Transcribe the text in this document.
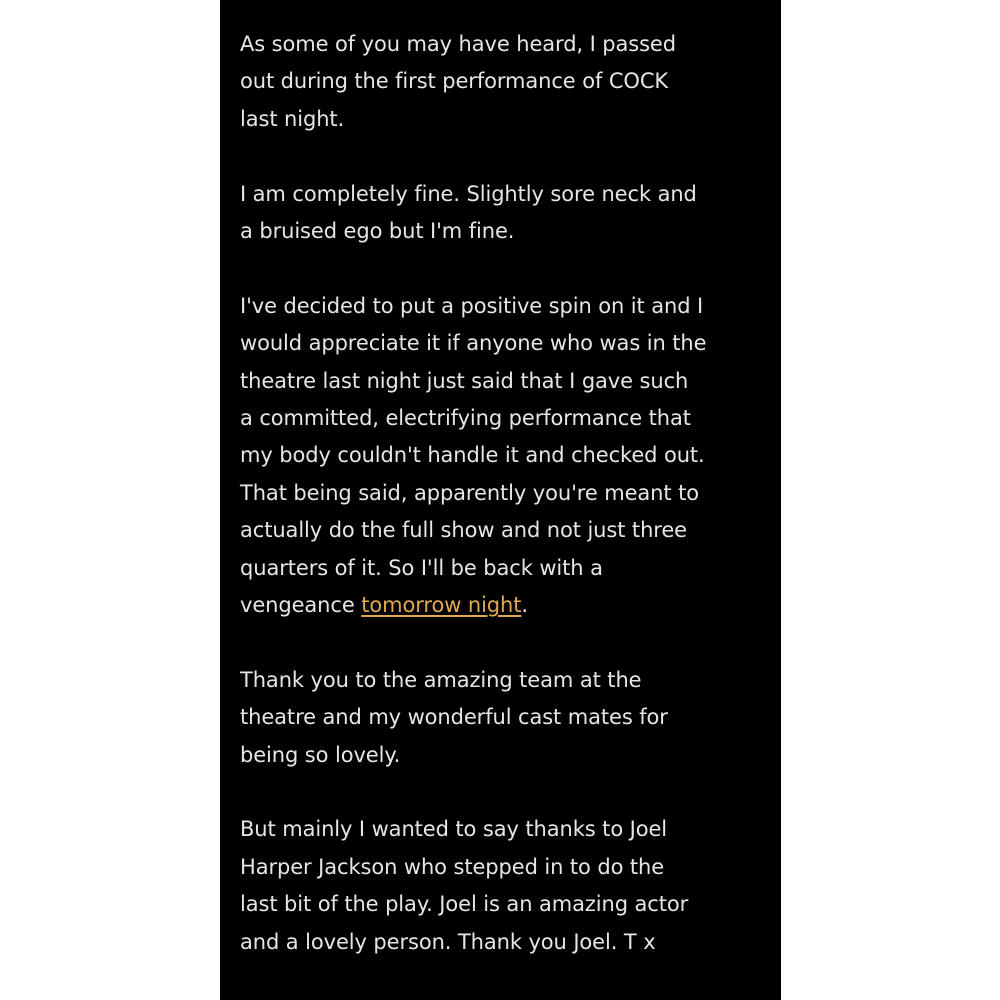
As some of you may have heard, I passed
out during the first performance of COCK
last night.
I am completely fine. Slightly sore neck and
a bruised ego but I'm fine.
I've decided to put a positive spin on it and I
would appreciate it if anyone who was in the
theatre last night just said that I gave such
a committed, electrifying performance that
my body couldn't handle it and checked out.
That being said, apparently you're meant to
actually do the full show and not just three
quarters of it. So I'll be back with a
vengeance tomorrow night.
Thank you to the amazing team at the
theatre and my wonderful cast mates for
being so lovely.
But mainly I wanted to say thanks to Joel
Harper Jackson who stepped in to do the
last bit of the play. Joel is an amazing actor
and a lovely person. Thank you Joel. T x
